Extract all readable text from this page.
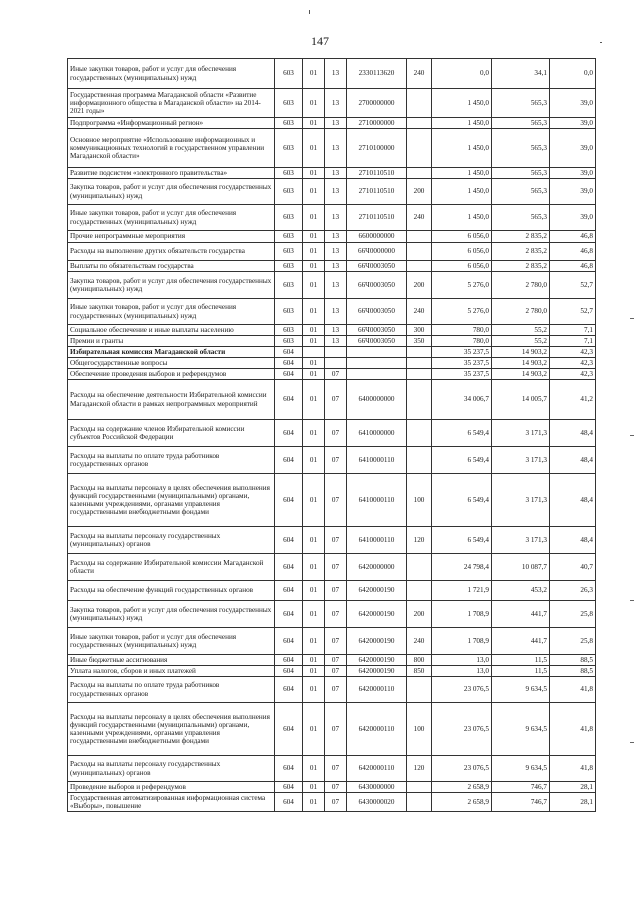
147
Иные закупки товаров, работ и услуг для обеспечения государственных (муниципальных) нужд	603	01	13	2330113620	240	0,0	34,1	0,0
Государственная программа Магаданской области «Развитие информационного общества в Магаданской области» на 2014-2021 годы»	603	01	13	2700000000		1 450,0	565,3	39,0
Подпрограмма «Информационный регион»	603	01	13	2710000000		1 450,0	565,3	39,0
Основное мероприятие «Использование информационных и коммуникационных технологий в государственном управлении Магаданской области»	603	01	13	2710100000		1 450,0	565,3	39,0
Развитие подсистем «электронного правительства»	603	01	13	2710110510		1 450,0	565,3	39,0
Закупка товаров, работ и услуг для обеспечения государственных (муниципальных) нужд	603	01	13	2710110510	200	1 450,0	565,3	39,0
Иные закупки товаров, работ и услуг для обеспечения государственных (муниципальных) нужд	603	01	13	2710110510	240	1 450,0	565,3	39,0
Прочие непрограммные мероприятия	603	01	13	6600000000		6 056,0	2 835,2	46,8
Расходы на выполнение других обязательств государства	603	01	13	66Ч0000000		6 056,0	2 835,2	46,8
Выплаты по обязательствам государства	603	01	13	66Ч0003050		6 056,0	2 835,2	46,8
Закупка товаров, работ и услуг для обеспечения государственных (муниципальных) нужд	603	01	13	66Ч0003050	200	5 276,0	2 780,0	52,7
Иные закупки товаров, работ и услуг для обеспечения государственных (муниципальных) нужд	603	01	13	66Ч0003050	240	5 276,0	2 780,0	52,7
Социальное обеспечение и иные выплаты населению	603	01	13	66Ч0003050	300	780,0	55,2	7,1
Премии и гранты	603	01	13	66Ч0003050	350	780,0	55,2	7,1
Избирательная комиссия Магаданской области	604					35 237,5	14 903,2	42,3
Общегосударственные вопросы	604	01				35 237,5	14 903,2	42,3
Обеспечение проведения выборов и референдумов	604	01	07			35 237,5	14 903,2	42,3
Расходы на обеспечение деятельности Избирательной комиссии Магаданской области в рамках непрограммных мероприятий	604	01	07	6400000000		34 006,7	14 005,7	41,2
Расходы на содержание членов Избирательной комиссии субъектов Российской Федерации	604	01	07	6410000000		6 549,4	3 171,3	48,4
Расходы на выплаты по оплате труда работников государственных органов	604	01	07	6410000110		6 549,4	3 171,3	48,4
Расходы на выплаты персоналу в целях обеспечения выполнения функций государственными (муниципальными) органами, казенными учреждениями, органами управления государственными внебюджетными фондами	604	01	07	6410000110	100	6 549,4	3 171,3	48,4
Расходы на выплаты персоналу государственных (муниципальных) органов	604	01	07	6410000110	120	6 549,4	3 171,3	48,4
Расходы на содержание Избирательной комиссии Магаданской области	604	01	07	6420000000		24 798,4	10 087,7	40,7
Расходы на обеспечение функций государственных органов	604	01	07	6420000190		1 721,9	453,2	26,3
Закупка товаров, работ и услуг для обеспечения государственных (муниципальных) нужд	604	01	07	6420000190	200	1 708,9	441,7	25,8
Иные закупки товаров, работ и услуг для обеспечения государственных (муниципальных) нужд	604	01	07	6420000190	240	1 708,9	441,7	25,8
Иные бюджетные ассигнования	604	01	07	6420000190	800	13,0	11,5	88,5
Уплата налогов, сборов и иных платежей	604	01	07	6420000190	850	13,0	11,5	88,5
Расходы на выплаты по оплате труда работников государственных органов	604	01	07	6420000110		23 076,5	9 634,5	41,8
Расходы на выплаты персоналу в целях обеспечения выполнения функций государственными (муниципальными) органами, казенными учреждениями, органами управления государственными внебюджетными фондами	604	01	07	6420000110	100	23 076,5	9 634,5	41,8
Расходы на выплаты персоналу государственных (муниципальных) органов	604	01	07	6420000110	120	23 076,5	9 634,5	41,8
Проведение выборов и референдумов	604	01	07	6430000000		2 658,9	746,7	28,1
Государственная автоматизированная информационная система «Выборы», повышение	604	01	07	6430000020		2 658,9	746,7	28,1
